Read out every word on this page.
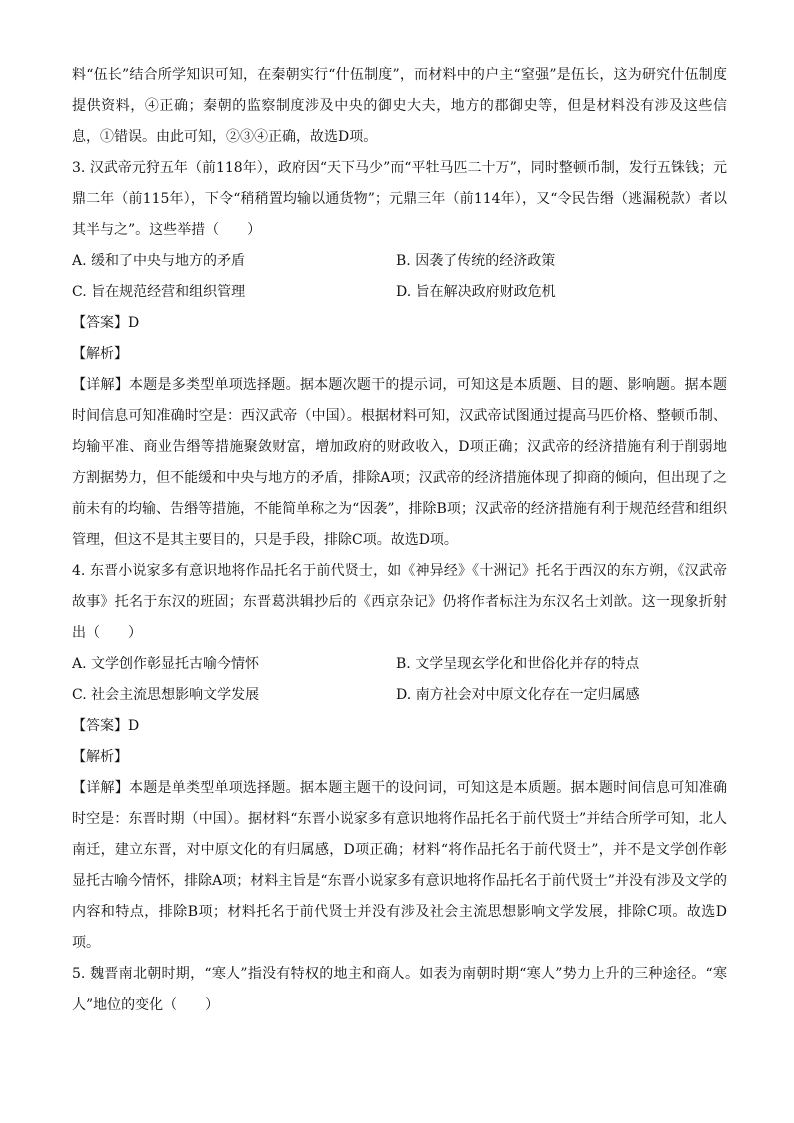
料“伍长”结合所学知识可知，在秦朝实行“什伍制度”，而材料中的户主“窒强”是伍长，这为研究什伍制度提供资料，④正确；秦朝的监察制度涉及中央的御史大夫，地方的郡御史等，但是材料没有涉及这些信息，①错误。由此可知，②③④正确，故选D项。

3. 汉武帝元狩五年（前118年），政府因“天下马少”而“平牡马匹二十万”，同时整顿币制，发行五铢钱；元鼎二年（前115年），下令“稍稍置均输以通货物”；元鼎三年（前114年），又“令民告缗（逃漏税款）者以其半与之”。这些举措（　　）

A. 缓和了中央与地方的矛盾	B. 因袭了传统的经济政策
C. 旨在规范经营和组织管理	D. 旨在解决政府财政危机

【答案】D

【解析】

【详解】本题是多类型单项选择题。据本题次题干的提示词，可知这是本质题、目的题、影响题。据本题时间信息可知准确时空是：西汉武帝（中国）。根据材料可知，汉武帝试图通过提高马匹价格、整顿币制、均输平准、商业告缗等措施聚敛财富，增加政府的财政收入，D项正确；汉武帝的经济措施有利于削弱地方割据势力，但不能缓和中央与地方的矛盾，排除A项；汉武帝的经济措施体现了抑商的倾向，但出现了之前未有的均输、告缗等措施，不能简单称之为“因袭”，排除B项；汉武帝的经济措施有利于规范经营和组织管理，但这不是其主要目的，只是手段，排除C项。故选D项。

4. 东晋小说家多有意识地将作品托名于前代贤士，如《神异经》《十洲记》托名于西汉的东方朔，《汉武帝故事》托名于东汉的班固；东晋葛洪辑抄后的《西京杂记》仍将作者标注为东汉名士刘歆。这一现象折射出（　　）

A. 文学创作彰显托古喻今情怀	B. 文学呈现玄学化和世俗化并存的特点
C. 社会主流思想影响文学发展	D. 南方社会对中原文化存在一定归属感

【答案】D

【解析】

【详解】本题是单类型单项选择题。据本题主题干的设问词，可知这是本质题。据本题时间信息可知准确时空是：东晋时期（中国）。据材料“东晋小说家多有意识地将作品托名于前代贤士”并结合所学可知，北人南迁，建立东晋，对中原文化的有归属感，D项正确；材料“将作品托名于前代贤士”，并不是文学创作彰显托古喻今情怀，排除A项；材料主旨是“东晋小说家多有意识地将作品托名于前代贤士”并没有涉及文学的内容和特点，排除B项；材料托名于前代贤士并没有涉及社会主流思想影响文学发展，排除C项。故选D项。

5. 魏晋南北朝时期，“寒人”指没有特权的地主和商人。如表为南朝时期“寒人”势力上升的三种途径。“寒人”地位的变化（　　）
